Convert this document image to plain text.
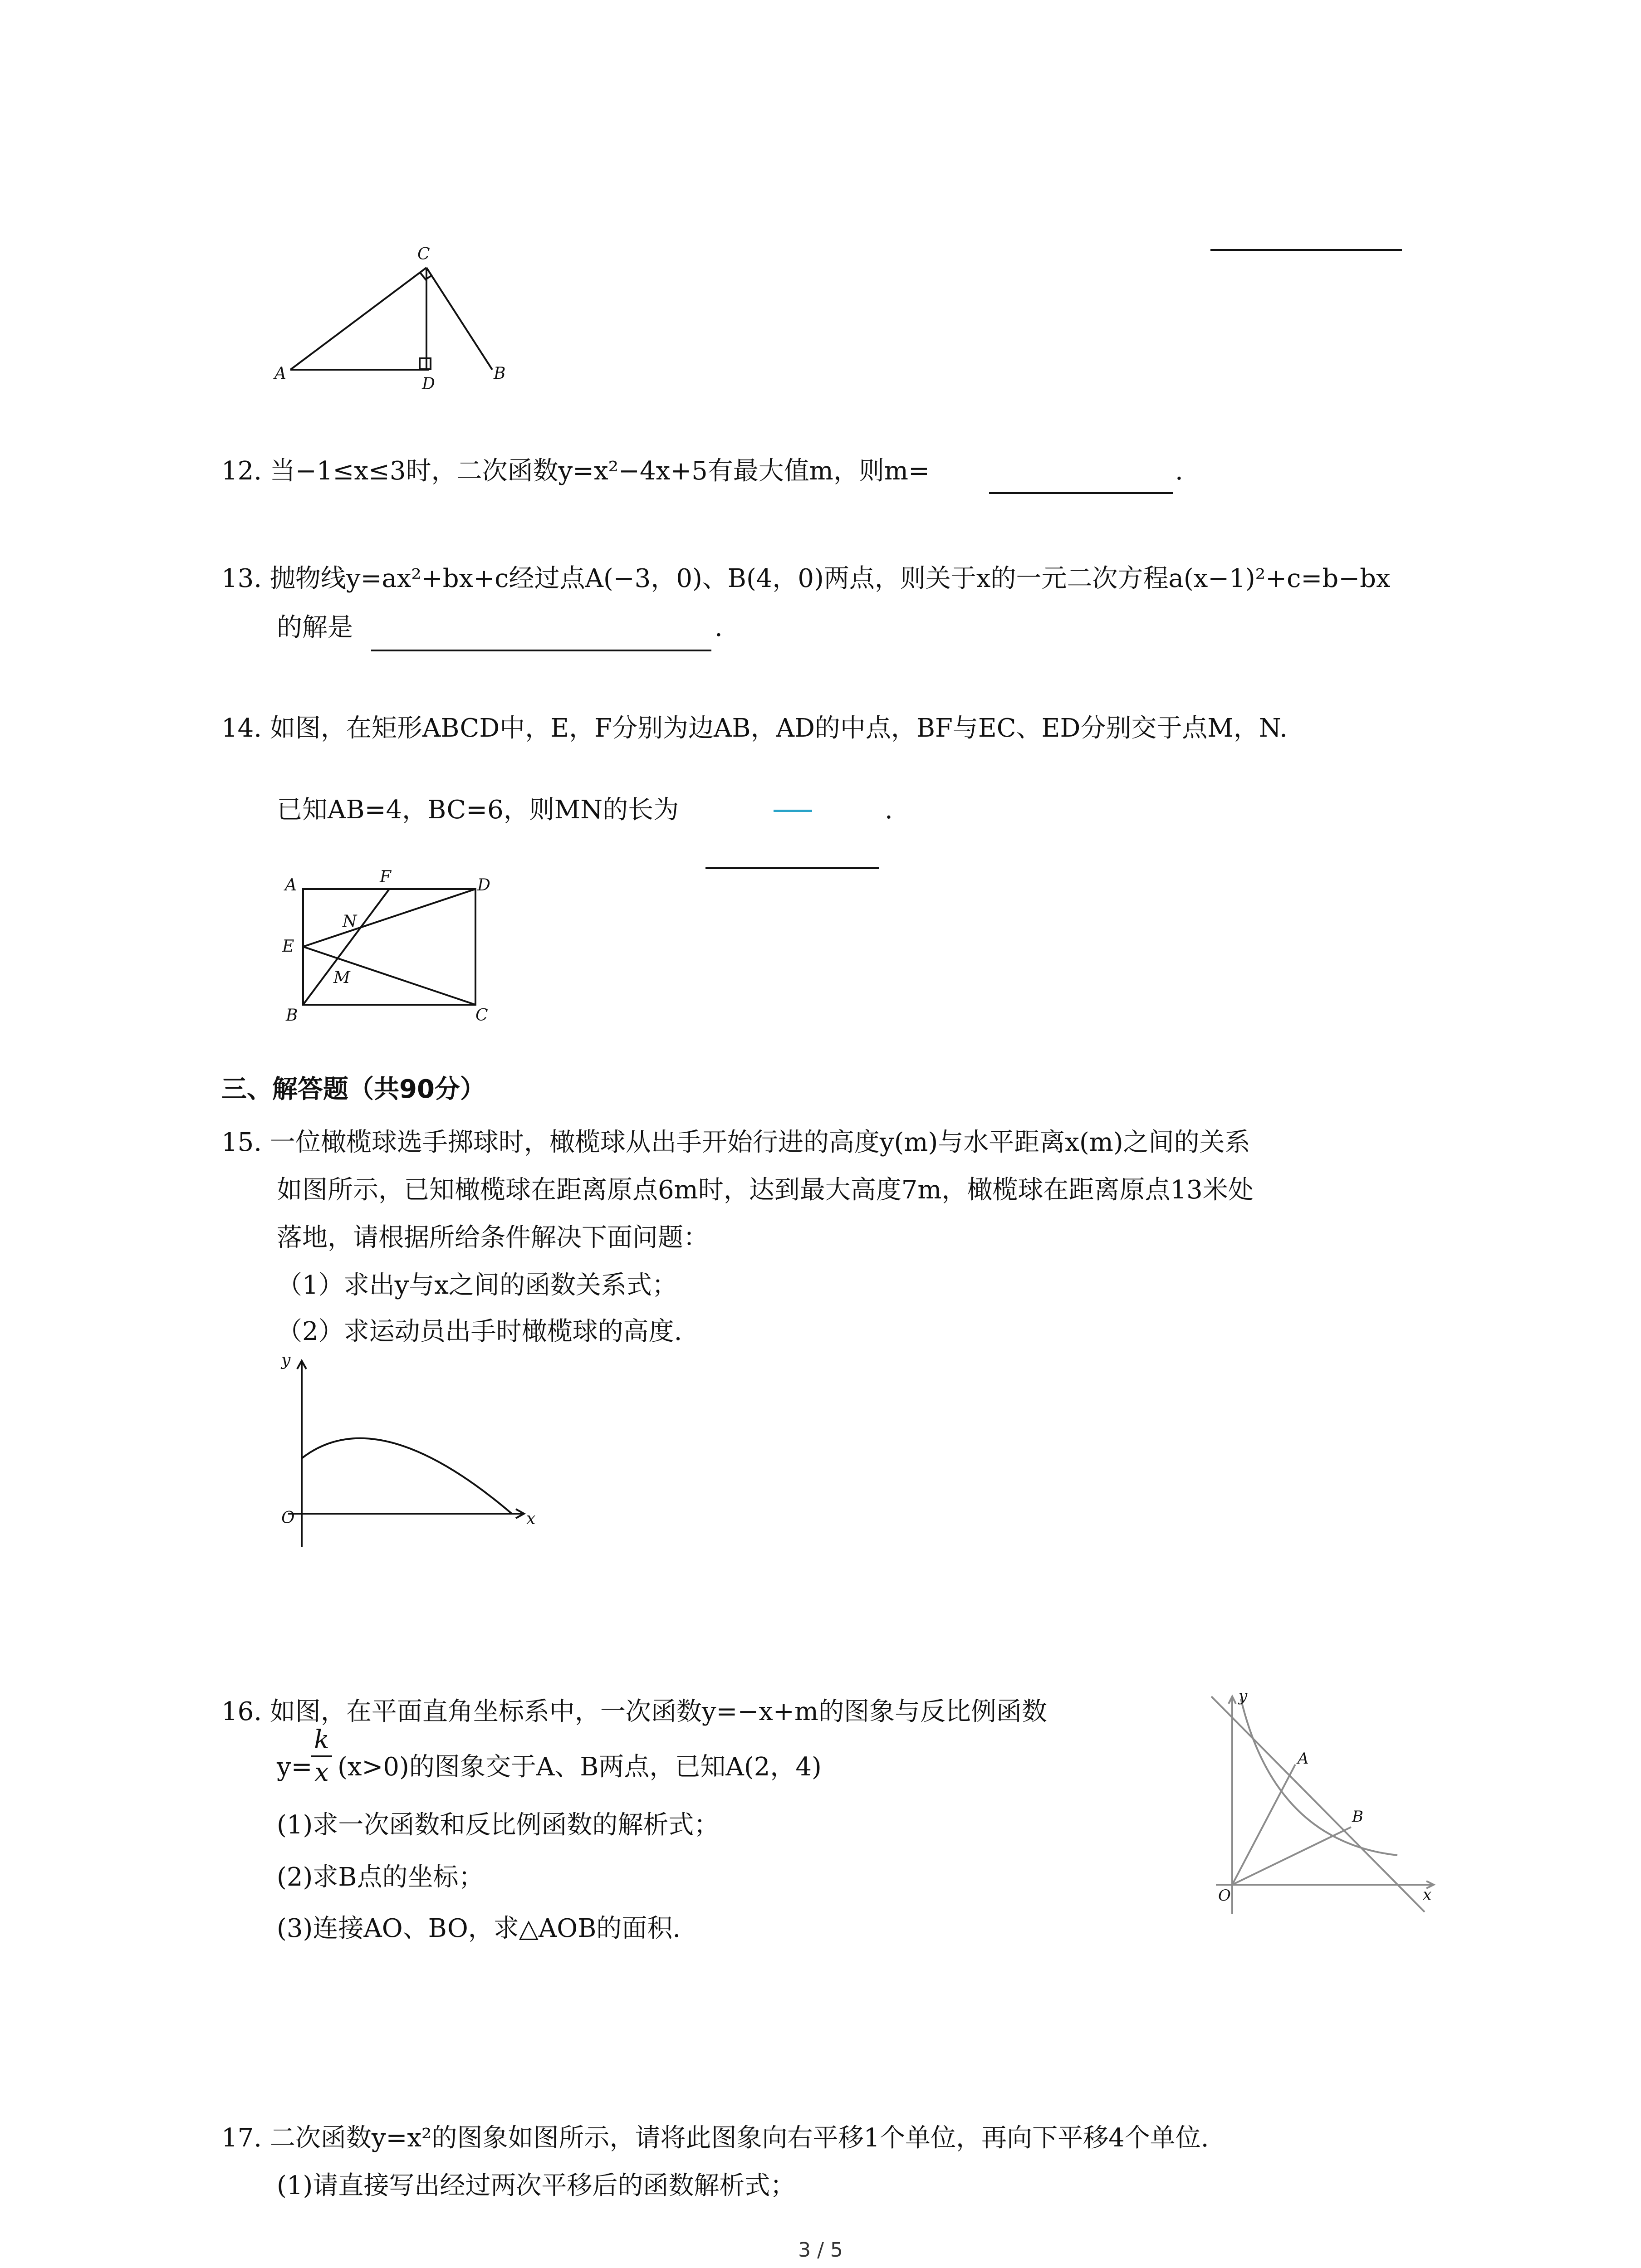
C
A
D
B
12. 当−1≤x≤3时，二次函数y=x²−4x+5有最大值m，则m=	.
13. 抛物线y=ax²+bx+c经过点A(−3，0)、B(4，0)两点，则关于x的一元二次方程a(x−1)²+c=b−bx
的解是	.
14. 如图，在矩形ABCD中，E，F分别为边AB，AD的中点，BF与EC、ED分别交于点M，N.
已知AB=4，BC=6，则MN的长为	.
A	F	D
N
E
M
B	C
三、解答题（共90分）
15. 一位橄榄球选手掷球时，橄榄球从出手开始行进的高度y(m)与水平距离x(m)之间的关系
如图所示，已知橄榄球在距离原点6m时，达到最大高度7m，橄榄球在距离原点13米处
落地，请根据所给条件解决下面问题：
（1）求出y与x之间的函数关系式；
（2）求运动员出手时橄榄球的高度.
y
O	x
16. 如图，在平面直角坐标系中，一次函数y=−x+m的图象与反比例函数
y=
k
x (x>0)的图象交于A、B两点，已知A(2，4)
(1)求一次函数和反比例函数的解析式；
(2)求B点的坐标；
(3)连接AO、BO，求△AOB的面积.
y
A
B
O	x
17. 二次函数y=x²的图象如图所示，请将此图象向右平移1个单位，再向下平移4个单位.
(1)请直接写出经过两次平移后的函数解析式；
3 / 5
